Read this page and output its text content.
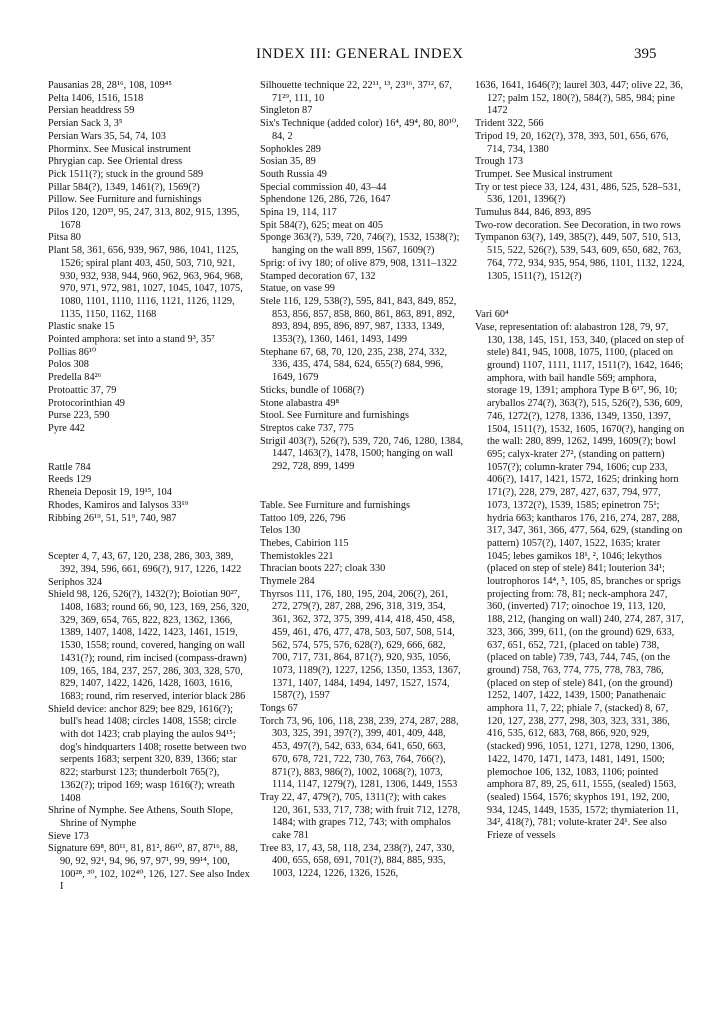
INDEX III: GENERAL INDEX	395
Pausanias 28, 28¹⁶, 108, 109⁴⁵
Pelta 1406, 1516, 1518
Persian headdress 59
Persian Sack 3, 3⁵
Persian Wars 35, 54, 74, 103
Phorminx. See Musical instrument
Phrygian cap. See Oriental dress
Pick 1511(?); stuck in the ground 589
Pillar 584(?), 1349, 1461(?), 1569(?)
Pillow. See Furniture and furnishings
Pilos 120, 120³³, 95, 247, 313, 802, 915, 1395, 1678
Pitsa 80
Plant 58, 361, 656, 939, 967, 986, 1041, 1125, 1526; spiral plant 403, 450, 503, 710, 921, 930, 932, 938, 944, 960, 962, 963, 964, 968, 970, 971, 972, 981, 1027, 1045, 1047, 1075, 1080, 1101, 1110, 1116, 1121, 1126, 1129, 1135, 1150, 1162, 1168
Plastic snake 15
Pointed amphora: set into a stand 9³, 35⁷
Pollias 86¹⁰
Polos 308
Predella 84²⁶
Protoattic 37, 79
Protocorinthian 49
Purse 223, 590
Pyre 442
Rattle 784
Reeds 129
Rheneia Deposit 19, 19¹⁵, 104
Rhodes, Kamiros and Ialysos 33¹⁹
Ribbing 26¹⁹, 51, 51⁹, 740, 987
Scepter 4, 7, 43, 67, 120, 238, 286, 303, 389, 392, 394, 596, 661, 696(?), 917, 1226, 1422
Seriphos 324
Shield 98, 126, 526(?), 1432(?); Boiotian 90²⁷, 1408, 1683; round 66, 90, 123, 169, 256, 320, 329, 369, 654, 765, 822, 823, 1362, 1366, 1389, 1407, 1408, 1422, 1423, 1461, 1519, 1530, 1558; round, covered, hanging on wall 1431(?); round, rim incised (compass-drawn) 109, 165, 184, 237, 257, 286, 303, 328, 570, 829, 1407, 1422, 1426, 1428, 1603, 1616, 1683; round, rim reserved, interior black 286
Shield device: anchor 829; bee 829, 1616(?); bull's head 1408; circles 1408, 1558; circle with dot 1423; crab playing the aulos 94¹⁵; dog's hindquarters 1408; rosette between two serpents 1683; serpent 320, 839, 1366; star 822; starburst 123; thunderbolt 765(?), 1362(?); tripod 169; wasp 1616(?); wreath 1408
Shrine of Nymphe. See Athens, South Slope, Shrine of Nymphe
Sieve 173
Signature 69⁸, 80¹¹, 81, 81², 86¹⁰, 87, 87¹⁶, 88, 90, 92, 92¹, 94, 96, 97, 97¹, 99, 99¹⁴, 100, 100²⁸, ³⁰, 102, 102⁴⁰, 126, 127. See also Index I
Silhouette technique 22, 22¹¹, ¹³, 23¹⁶, 37¹², 67, 71²⁹, 111, 10
Singleton 87
Six's Technique (added color) 16⁴, 49⁴, 80, 80¹⁰, 84, 2
Sophokles 289
Sosian 35, 89
South Russia 49
Special commission 40, 43–44
Sphendone 126, 286, 726, 1647
Spina 19, 114, 117
Spit 584(?), 625; meat on 405
Sponge 363(?), 539, 720, 746(?), 1532, 1538(?); hanging on the wall 899, 1567, 1609(?)
Sprig: of ivy 180; of olive 879, 908, 1311–1322
Stamped decoration 67, 132
Statue, on vase 99
Stele 116, 129, 538(?), 595, 841, 843, 849, 852, 853, 856, 857, 858, 860, 861, 863, 891, 892, 893, 894, 895, 896, 897, 987, 1333, 1349, 1353(?), 1360, 1461, 1493, 1499
Stephane 67, 68, 70, 120, 235, 238, 274, 332, 336, 435, 474, 584, 624, 655(?) 684, 996, 1649, 1679
Sticks, bundle of 1068(?)
Stone alabastra 49⁸
Stool. See Furniture and furnishings
Streptos cake 737, 775
Strigil 403(?), 526(?), 539, 720, 746, 1280, 1384, 1447, 1463(?), 1478, 1500; hanging on wall 292, 728, 899, 1499
Table. See Furniture and furnishings
Tattoo 109, 226, 796
Telos 130
Thebes, Cabirion 115
Themistokles 221
Thracian boots 227; cloak 330
Thymele 284
Thyrsos 111, 176, 180, 195, 204, 206(?), 261, 272, 279(?), 287, 288, 296, 318, 319, 354, 361, 362, 372, 375, 399, 414, 418, 450, 458, 459, 461, 476, 477, 478, 503, 507, 508, 514, 562, 574, 575, 576, 628(?), 629, 666, 682, 700, 717, 731, 864, 871(?), 920, 935, 1056, 1073, 1189(?), 1227, 1256, 1350, 1353, 1367, 1371, 1407, 1484, 1494, 1497, 1527, 1574, 1587(?), 1597
Tongs 67
Torch 73, 96, 106, 118, 238, 239, 274, 287, 288, 303, 325, 391, 397(?), 399, 401, 409, 448, 453, 497(?), 542, 633, 634, 641, 650, 663, 670, 678, 721, 722, 730, 763, 764, 766(?), 871(?), 883, 986(?), 1002, 1068(?), 1073, 1114, 1147, 1279(?), 1281, 1306, 1449, 1553
Tray 22, 47, 479(?), 705, 1311(?); with cakes 120, 361, 533, 717, 738; with fruit 712, 1278, 1484; with grapes 712, 743; with omphalos cake 781
Tree 83, 17, 43, 58, 118, 234, 238(?), 247, 330, 400, 655, 658, 691, 701(?), 884, 885, 935, 1003, 1224, 1226, 1326, 1526,
1636, 1641, 1646(?); laurel 303, 447; olive 22, 36, 127; palm 152, 180(?), 584(?), 585, 984; pine 1472
Trident 322, 566
Tripod 19, 20, 162(?), 378, 393, 501, 656, 676, 714, 734, 1380
Trough 173
Trumpet. See Musical instrument
Try or test piece 33, 124, 431, 486, 525, 528–531, 536, 1201, 1396(?)
Tumulus 844, 846, 893, 895
Two-row decoration. See Decoration, in two rows
Tympanon 63(?), 149, 385(?), 449, 507, 510, 513, 515, 522, 526(?), 539, 543, 609, 650, 682, 763, 764, 772, 934, 935, 954, 986, 1101, 1132, 1224, 1305, 1511(?), 1512(?)
Vari 60⁴
Vase, representation of: alabastron 128, 79, 97, 130, 138, 145, 151, 153, 340, (placed on step of stele) 841, 945, 1008, 1075, 1100, (placed on ground) 1107, 1111, 1117, 1511(?), 1642, 1646; amphora, with bail handle 569; amphora, storage 19, 1391; amphora Type B 6¹⁷, 96, 10; aryballos 274(?), 363(?), 515, 526(?), 536, 609, 746, 1272(?), 1278, 1336, 1349, 1350, 1397, 1504, 1511(?), 1532, 1605, 1670(?), hanging on the wall: 280, 899, 1262, 1499, 1609(?); bowl 695; calyx-krater 27², (standing on pattern) 1057(?); column-krater 794, 1606; cup 233, 406(?), 1417, 1421, 1572, 1625; drinking horn 171(?), 228, 279, 287, 427, 637, 794, 977, 1073, 1372(?), 1539, 1585; epinetron 75¹; hydria 663; kantharos 176, 216, 274, 287, 288, 317, 347, 361, 366, 477, 564, 629, (standing on pattern) 1057(?), 1407, 1522, 1635; krater 1045; lebes gamikos 18¹, ², 1046; lekythos (placed on step of stele) 841; louterion 34¹; loutrophoros 14⁴, ⁵, 105, 85, branches or sprigs projecting from: 78, 81; neck-amphora 247, 360, (inverted) 717; oinochoe 19, 113, 120, 188, 212, (hanging on wall) 240, 274, 287, 317, 323, 366, 399, 611, (on the ground) 629, 633, 637, 651, 652, 721, (placed on table) 738, (placed on table) 739, 743, 744, 745, (on the ground) 758, 763, 774, 775, 778, 783, 786, (placed on step of stele) 841, (on the ground) 1252, 1407, 1422, 1439, 1500; Panathenaic amphora 11, 7, 22; phiale 7, (stacked) 8, 67, 120, 127, 238, 277, 298, 303, 323, 331, 386, 416, 535, 612, 683, 768, 866, 920, 929, (stacked) 996, 1051, 1271, 1278, 1290, 1306, 1422, 1470, 1471, 1473, 1481, 1491, 1500; plemochoe 106, 132, 1083, 1106; pointed amphora 87, 89, 25, 611, 1555, (sealed) 1563, (sealed) 1564, 1576; skyphos 191, 192, 200, 934, 1245, 1449, 1535, 1572; thymiaterion 11, 34², 418(?), 781; volute-krater 24¹. See also Frieze of vessels
